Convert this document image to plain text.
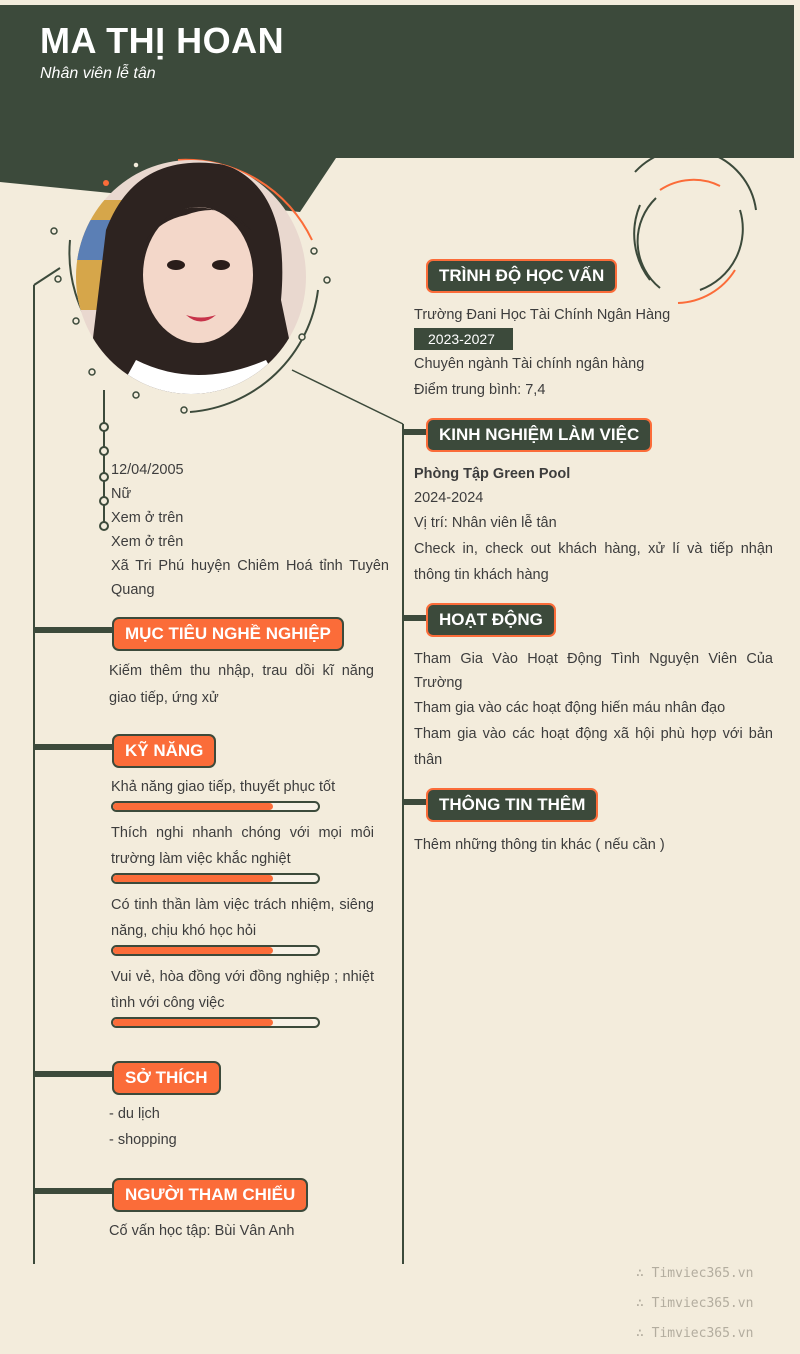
MA THỊ HOAN
Nhân viên lễ tân
12/04/2005
Nữ
Xem ở trên
Xem ở trên
Xã Tri Phú huyện Chiêm Hoá tỉnh Tuyên Quang
MỤC TIÊU NGHỀ NGHIỆP
Kiếm thêm thu nhập, trau dồi kĩ năng giao tiếp, ứng xử
KỸ NĂNG
Khả năng giao tiếp, thuyết phục tốt
Thích nghi nhanh chóng với mọi môi trường làm việc khắc nghiệt
Có tinh thần làm việc trách nhiệm, siêng năng, chịu khó học hỏi
Vui vẻ, hòa đồng với đồng nghiệp ; nhiệt tình với công việc
SỞ THÍCH
- du lịch
- shopping
NGƯỜI THAM CHIẾU
Cố vấn học tập: Bùi Vân Anh
TRÌNH ĐỘ HỌC VẤN
Trường Đani Học Tài Chính Ngân Hàng
2023-2027
Chuyên ngành Tài chính ngân hàng
Điểm trung bình: 7,4
KINH NGHIỆM LÀM VIỆC
Phòng Tập Green Pool
2024-2024
Vị trí: Nhân viên lễ tân
Check in, check out khách hàng, xử lí và tiếp nhận thông tin khách hàng
HOẠT ĐỘNG
Tham Gia Vào Hoạt Động Tình Nguyện Viên Của Trường
Tham gia vào các hoạt động hiến máu nhân đạo
Tham gia vào các hoạt động xã hội phù hợp với bản thân
THÔNG TIN THÊM
Thêm những thông tin khác ( nếu cần )
∴ Timviec365.vn
∴ Timviec365.vn
∴ Timviec365.vn
